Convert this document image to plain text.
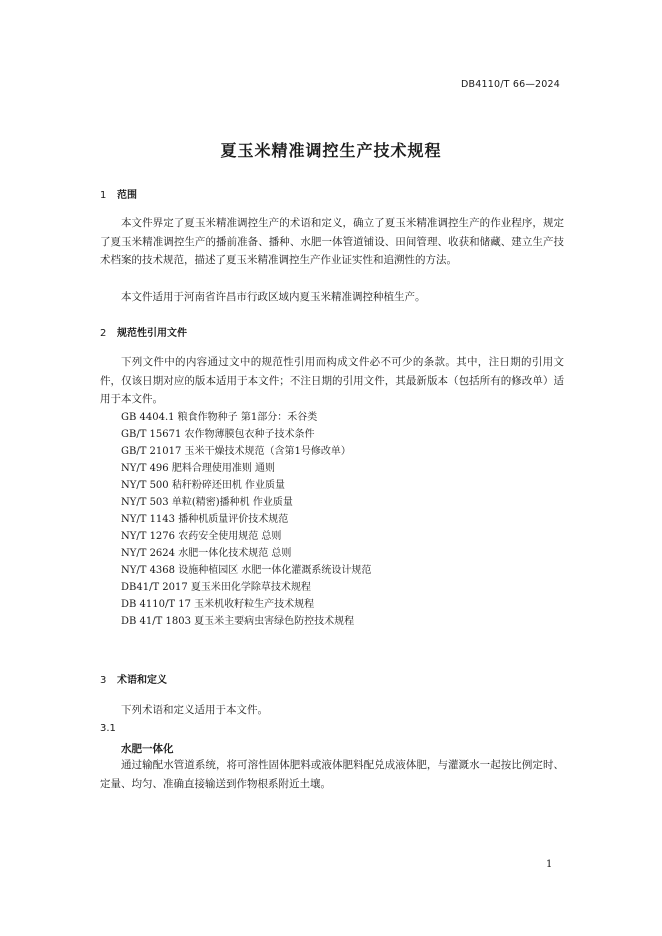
DB4110/T 66—2024
夏玉米精准调控生产技术规程
1 范围

本文件界定了夏玉米精准调控生产的术语和定义，确立了夏玉米精准调控生产的作业程序，规定了夏玉米精准调控生产的播前准备、播种、水肥一体管道铺设、田间管理、收获和储藏、建立生产技术档案的技术规范，描述了夏玉米精准调控生产作业证实性和追溯性的方法。

本文件适用于河南省许昌市行政区域内夏玉米精准调控种植生产。

2 规范性引用文件

下列文件中的内容通过文中的规范性引用而构成文件必不可少的条款。其中，注日期的引用文件，仅该日期对应的版本适用于本文件；不注日期的引用文件，其最新版本（包括所有的修改单）适用于本文件。

GB 4404.1 粮食作物种子 第1部分：禾谷类
GB/T 15671 农作物薄膜包衣种子技术条件
GB/T 21017 玉米干燥技术规范（含第1号修改单）
NY/T 496 肥料合理使用准则 通则
NY/T 500 秸秆粉碎还田机 作业质量
NY/T 503 单粒(精密)播种机 作业质量
NY/T 1143 播种机质量评价技术规范
NY/T 1276 农药安全使用规范 总则
NY/T 2624 水肥一体化技术规范 总则
NY/T 4368 设施种植园区 水肥一体化灌溉系统设计规范
DB41/T 2017 夏玉米田化学除草技术规程
DB 4110/T 17 玉米机收籽粒生产技术规程
DB 41/T 1803 夏玉米主要病虫害绿色防控技术规程
3 术语和定义

下列术语和定义适用于本文件。

3.1
水肥一体化

通过输配水管道系统，将可溶性固体肥料或液体肥料配兑成液体肥，与灌溉水一起按比例定时、定量、均匀、准确直接输送到作物根系附近土壤。

1
